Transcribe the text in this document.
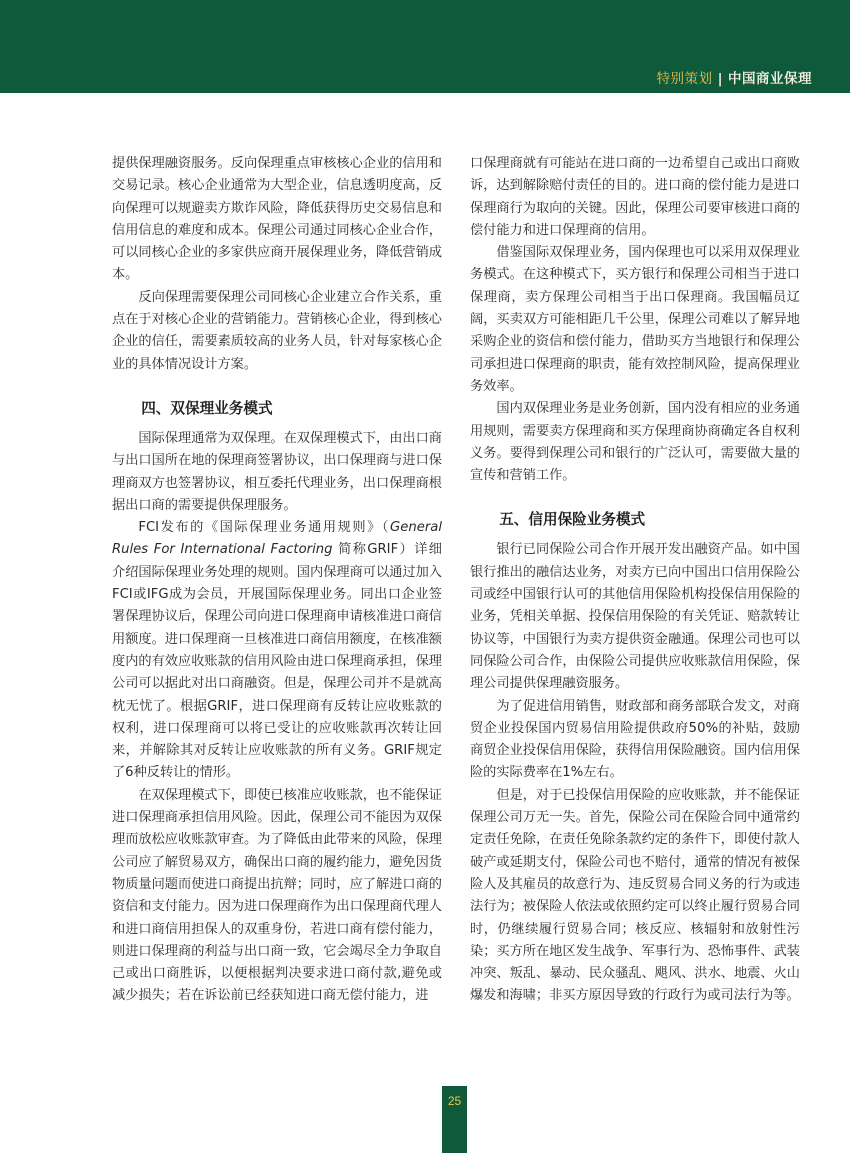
特别策划 | 中国商业保理

提供保理融资服务。反向保理重点审核核心企业的信用和交易记录。核心企业通常为大型企业，信息透明度高，反向保理可以规避卖方欺诈风险，降低获得历史交易信息和信用信息的难度和成本。保理公司通过同核心企业合作，可以同核心企业的多家供应商开展保理业务，降低营销成本。

反向保理需要保理公司同核心企业建立合作关系，重点在于对核心企业的营销能力。营销核心企业，得到核心企业的信任，需要素质较高的业务人员，针对每家核心企业的具体情况设计方案。

四、双保理业务模式

国际保理通常为双保理。在双保理模式下，由出口商与出口国所在地的保理商签署协议，出口保理商与进口保理商双方也签署协议，相互委托代理业务，出口保理商根据出口商的需要提供保理服务。

FCI发布的《国际保理业务通用规则》（General Rules For International Factoring 简称GRIF）详细介绍国际保理业务处理的规则。国内保理商可以通过加入FCI或IFG成为会员，开展国际保理业务。同出口企业签署保理协议后，保理公司向进口保理商申请核准进口商信用额度。进口保理商一旦核准进口商信用额度，在核准额度内的有效应收账款的信用风险由进口保理商承担，保理公司可以据此对出口商融资。但是，保理公司并不是就高枕无忧了。根据GRIF，进口保理商有反转让应收账款的权利，进口保理商可以将已受让的应收账款再次转让回来，并解除其对反转让应收账款的所有义务。GRIF规定了6种反转让的情形。

在双保理模式下，即使已核准应收账款，也不能保证进口保理商承担信用风险。因此，保理公司不能因为双保理而放松应收账款审查。为了降低由此带来的风险，保理公司应了解贸易双方，确保出口商的履约能力，避免因货物质量问题而使进口商提出抗辩；同时，应了解进口商的资信和支付能力。因为进口保理商作为出口保理商代理人和进口商信用担保人的双重身份，若进口商有偿付能力，则进口保理商的利益与出口商一致，它会竭尽全力争取自己或出口商胜诉，以便根据判决要求进口商付款,避免或减少损失；若在诉讼前已经获知进口商无偿付能力，进

口保理商就有可能站在进口商的一边希望自己或出口商败诉，达到解除赔付责任的目的。进口商的偿付能力是进口保理商行为取向的关键。因此，保理公司要审核进口商的偿付能力和进口保理商的信用。

借鉴国际双保理业务，国内保理也可以采用双保理业务模式。在这种模式下，买方银行和保理公司相当于进口保理商，卖方保理公司相当于出口保理商。我国幅员辽阔，买卖双方可能相距几千公里，保理公司难以了解异地采购企业的资信和偿付能力，借助买方当地银行和保理公司承担进口保理商的职责，能有效控制风险，提高保理业务效率。

国内双保理业务是业务创新，国内没有相应的业务通用规则，需要卖方保理商和买方保理商协商确定各自权利义务。要得到保理公司和银行的广泛认可，需要做大量的宣传和营销工作。

五、信用保险业务模式

银行已同保险公司合作开展开发出融资产品。如中国银行推出的融信达业务，对卖方已向中国出口信用保险公司或经中国银行认可的其他信用保险机构投保信用保险的业务，凭相关单据、投保信用保险的有关凭证、赔款转让协议等，中国银行为卖方提供资金融通。保理公司也可以同保险公司合作，由保险公司提供应收账款信用保险，保理公司提供保理融资服务。

为了促进信用销售，财政部和商务部联合发文，对商贸企业投保国内贸易信用险提供政府50%的补贴，鼓励商贸企业投保信用保险，获得信用保险融资。国内信用保险的实际费率在1%左右。

但是，对于已投保信用保险的应收账款，并不能保证保理公司万无一失。首先，保险公司在保险合同中通常约定责任免除，在责任免除条款约定的条件下，即使付款人破产或延期支付，保险公司也不赔付，通常的情况有被保险人及其雇员的故意行为、违反贸易合同义务的行为或违法行为；被保险人依法或依照约定可以终止履行贸易合同时，仍继续履行贸易合同；核反应、核辐射和放射性污染；买方所在地区发生战争、军事行为、恐怖事件、武装冲突、叛乱、暴动、民众骚乱、飓风、洪水、地震、火山爆发和海啸；非买方原因导致的行政行为或司法行为等。

25
